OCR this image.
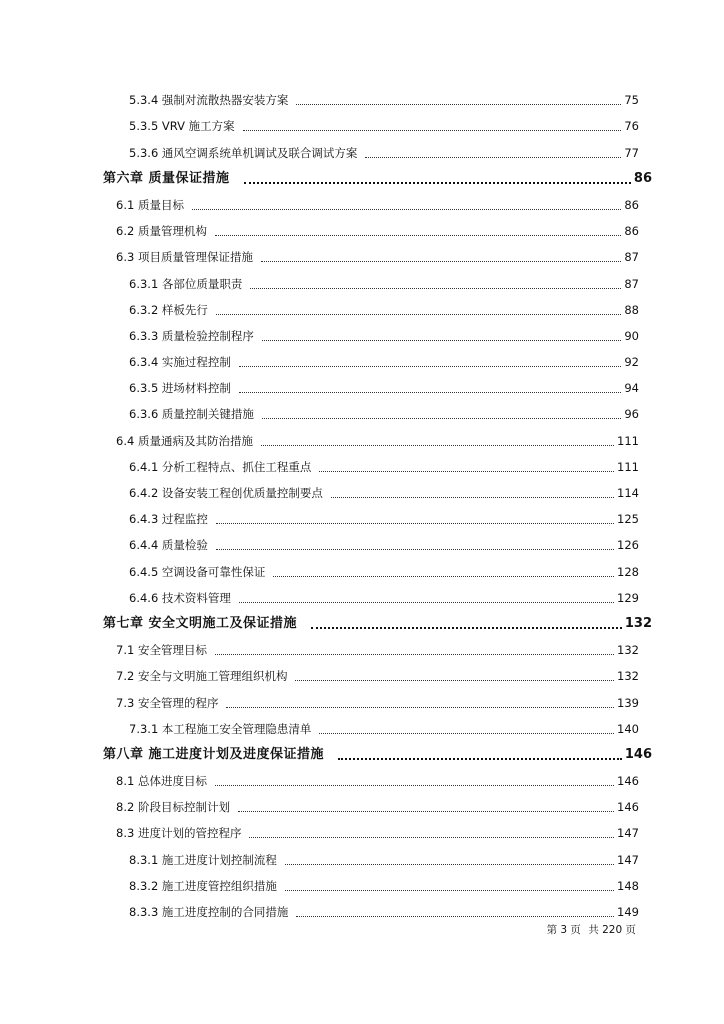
5.3.4 强制对流散热器安装方案	75
5.3.5 VRV 施工方案	76
5.3.6 通风空调系统单机调试及联合调试方案	77
第六章 质量保证措施	86
6.1 质量目标	86
6.2 质量管理机构	86
6.3 项目质量管理保证措施	87
6.3.1 各部位质量职责	87
6.3.2 样板先行	88
6.3.3 质量检验控制程序	90
6.3.4 实施过程控制	92
6.3.5 进场材料控制	94
6.3.6 质量控制关键措施	96
6.4 质量通病及其防治措施	111
6.4.1 分析工程特点、抓住工程重点	111
6.4.2 设备安装工程创优质量控制要点	114
6.4.3 过程监控	125
6.4.4 质量检验	126
6.4.5 空调设备可靠性保证	128
6.4.6 技术资料管理	129
第七章 安全文明施工及保证措施	132
7.1 安全管理目标	132
7.2 安全与文明施工管理组织机构	132
7.3 安全管理的程序	139
7.3.1 本工程施工安全管理隐患清单	140
第八章 施工进度计划及进度保证措施	146
8.1 总体进度目标	146
8.2 阶段目标控制计划	146
8.3 进度计划的管控程序	147
8.3.1 施工进度计划控制流程	147
8.3.2 施工进度管控组织措施	148
8.3.3 施工进度控制的合同措施	149
第 3 页 共 220 页
